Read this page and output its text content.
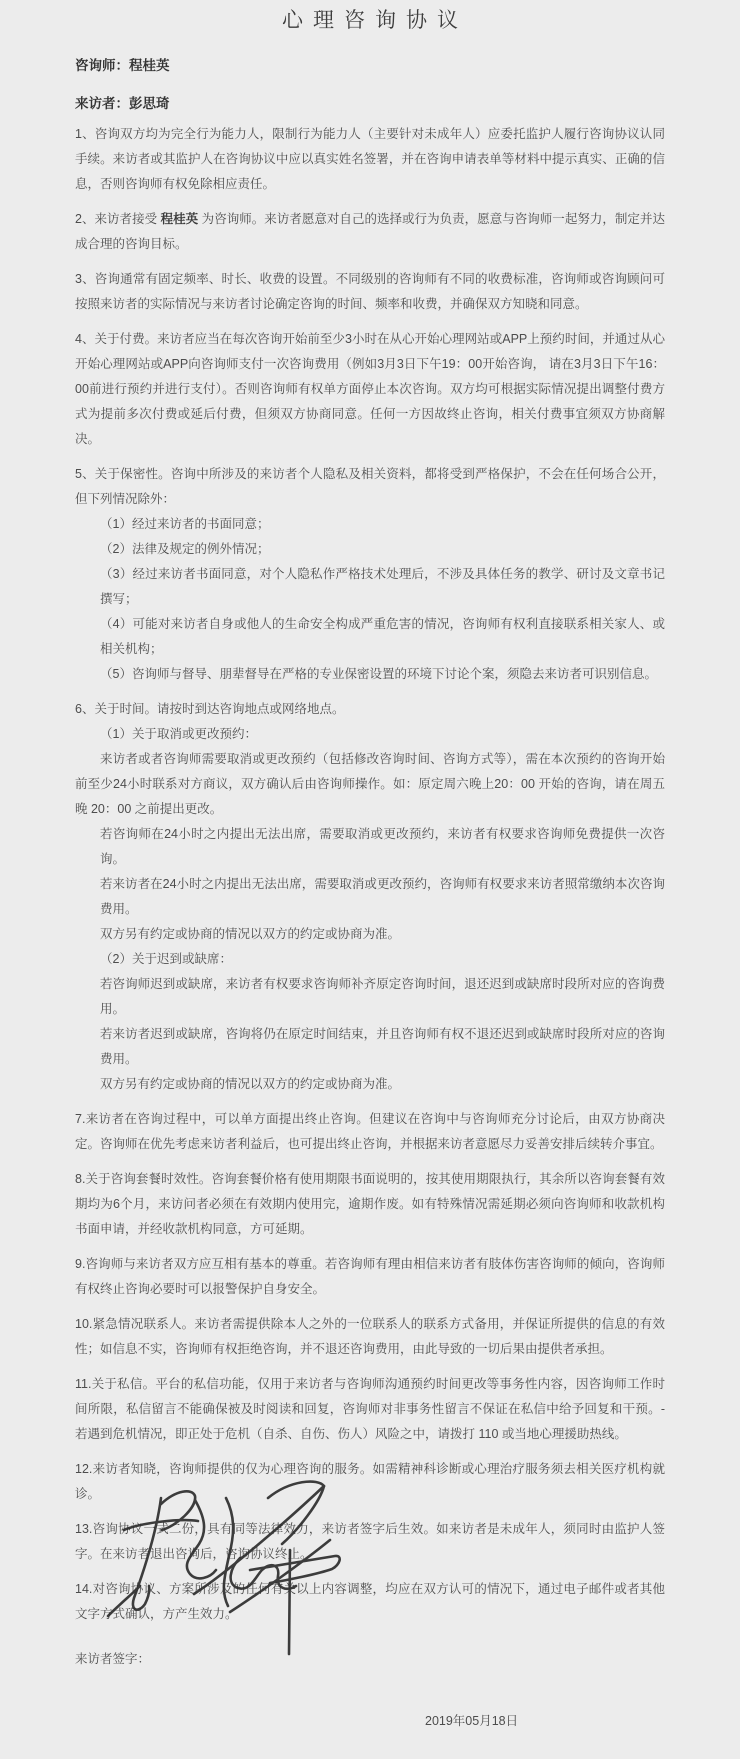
心理咨询协议

咨询师：程桂英

来访者：彭思琦

1、咨询双方均为完全行为能力人，限制行为能力人（主要针对未成年人）应委托监护人履行咨询协议认同手续。来访者或其监护人在咨询协议中应以真实姓名签署，并在咨询申请表单等材料中提示真实、正确的信息，否则咨询师有权免除相应责任。

2、来访者接受 程桂英 为咨询师。来访者愿意对自己的选择或行为负责，愿意与咨询师一起努力，制定并达成合理的咨询目标。

3、咨询通常有固定频率、时长、收费的设置。不同级别的咨询师有不同的收费标准，咨询师或咨询顾问可按照来访者的实际情况与来访者讨论确定咨询的时间、频率和收费，并确保双方知晓和同意。

4、关于付费。来访者应当在每次咨询开始前至少3小时在从心开始心理网站或APP上预约时间，并通过从心开始心理网站或APP向咨询师支付一次咨询费用（例如3月3日下午19：00开始咨询， 请在3月3日下午16：00前进行预约并进行支付）。否则咨询师有权单方面停止本次咨询。双方均可根据实际情况提出调整付费方式为提前多次付费或延后付费，但须双方协商同意。任何一方因故终止咨询，相关付费事宜须双方协商解决。

5、关于保密性。咨询中所涉及的来访者个人隐私及相关资料，都将受到严格保护，不会在任何场合公开，但下列情况除外：

（1）经过来访者的书面同意；

（2）法律及规定的例外情况；

（3）经过来访者书面同意，对个人隐私作严格技术处理后，不涉及具体任务的教学、研讨及文章书记撰写；

（4）可能对来访者自身或他人的生命安全构成严重危害的情况，咨询师有权利直接联系相关家人、或相关机构；

（5）咨询师与督导、朋辈督导在严格的专业保密设置的环境下讨论个案，须隐去来访者可识别信息。

6、关于时间。请按时到达咨询地点或网络地点。

（1）关于取消或更改预约：

来访者或者咨询师需要取消或更改预约（包括修改咨询时间、咨询方式等），需在本次预约的咨询开始前至少24小时联系对方商议，双方确认后由咨询师操作。如：原定周六晚上20：00 开始的咨询，请在周五晚 20：00 之前提出更改。

若咨询师在24小时之内提出无法出席，需要取消或更改预约，来访者有权要求咨询师免费提供一次咨询。

若来访者在24小时之内提出无法出席，需要取消或更改预约，咨询师有权要求来访者照常缴纳本次咨询费用。

双方另有约定或协商的情况以双方的约定或协商为准。

（2）关于迟到或缺席：

若咨询师迟到或缺席，来访者有权要求咨询师补齐原定咨询时间，退还迟到或缺席时段所对应的咨询费用。

若来访者迟到或缺席，咨询将仍在原定时间结束，并且咨询师有权不退还迟到或缺席时段所对应的咨询费用。

双方另有约定或协商的情况以双方的约定或协商为准。

7.来访者在咨询过程中，可以单方面提出终止咨询。但建议在咨询中与咨询师充分讨论后，由双方协商决定。咨询师在优先考虑来访者利益后，也可提出终止咨询，并根据来访者意愿尽力妥善安排后续转介事宜。

8.关于咨询套餐时效性。咨询套餐价格有使用期限书面说明的，按其使用期限执行，其余所以咨询套餐有效期均为6个月，来访问者必须在有效期内使用完，逾期作废。如有特殊情况需延期必须向咨询师和收款机构书面申请，并经收款机构同意，方可延期。

9.咨询师与来访者双方应互相有基本的尊重。若咨询师有理由相信来访者有肢体伤害咨询师的倾向，咨询师有权终止咨询必要时可以报警保护自身安全。

10.紧急情况联系人。来访者需提供除本人之外的一位联系人的联系方式备用，并保证所提供的信息的有效性；如信息不实，咨询师有权拒绝咨询，并不退还咨询费用，由此导致的一切后果由提供者承担。

11.关于私信。平台的私信功能，仅用于来访者与咨询师沟通预约时间更改等事务性内容，因咨询师工作时间所限，私信留言不能确保被及时阅读和回复，咨询师对非事务性留言不保证在私信中给予回复和干预。- 若遇到危机情况，即正处于危机（自杀、自伤、伤人）风险之中，请拨打 110 或当地心理援助热线。

12.来访者知晓，咨询师提供的仅为心理咨询的服务。如需精神科诊断或心理治疗服务须去相关医疗机构就诊。

13.咨询协议一式二份，具有同等法律效力，来访者签字后生效。如来访者是未成年人，须同时由监护人签字。在来访者退出咨询后，咨询协议终止。

14.对咨询协议、方案所涉及的任何有关以上内容调整，均应在双方认可的情况下，通过电子邮件或者其他文字方式确认，方产生效力。

来访者签字：

2019年05月18日
